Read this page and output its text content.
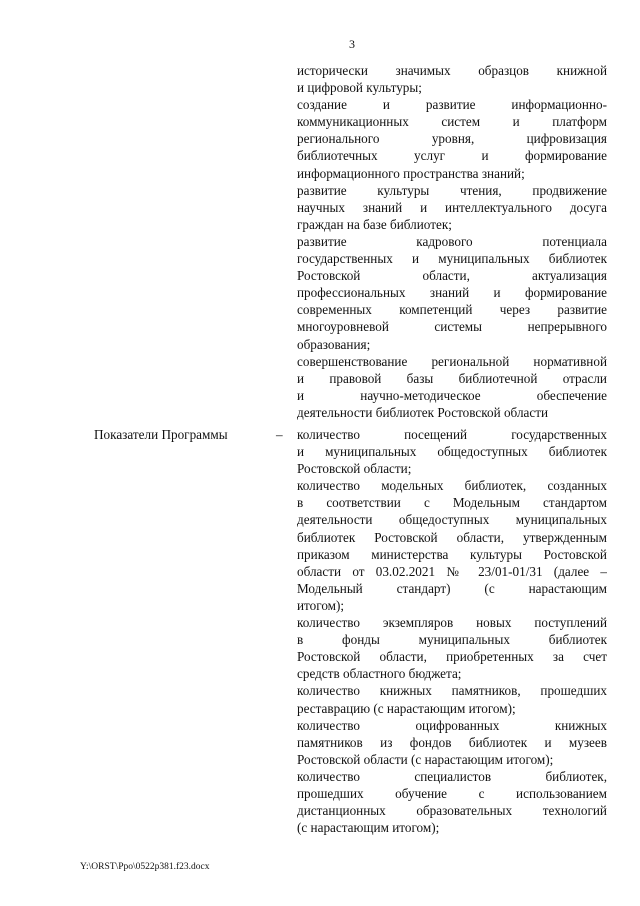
3
исторически значимых образцов книжной
и цифровой культуры;
создание и развитие информационно-
коммуникационных систем и платформ
регионального уровня, цифровизация
библиотечных услуг и формирование
информационного пространства знаний;
развитие культуры чтения, продвижение
научных знаний и интеллектуального досуга
граждан на базе библиотек;
развитие кадрового потенциала
государственных и муниципальных библиотек
Ростовской области, актуализация
профессиональных знаний и формирование
современных компетенций через развитие
многоуровневой системы непрерывного
образования;
совершенствование региональной нормативной
и правовой базы библиотечной отрасли
и научно-методическое обеспечение
деятельности библиотек Ростовской области
Показатели Программы	– количество посещений государственных
и муниципальных общедоступных библиотек
Ростовской области;
количество модельных библиотек, созданных
в соответствии с Модельным стандартом
деятельности общедоступных муниципальных
библиотек Ростовской области, утвержденным
приказом министерства культуры Ростовской
области от 03.02.2021 № 23/01-01/31 (далее –
Модельный стандарт) (с нарастающим
итогом);
количество экземпляров новых поступлений
в фонды муниципальных библиотек
Ростовской области, приобретенных за счет
средств областного бюджета;
количество книжных памятников, прошедших
реставрацию (с нарастающим итогом);
количество оцифрованных книжных
памятников из фондов библиотек и музеев
Ростовской области (с нарастающим итогом);
количество специалистов библиотек,
прошедших обучение с использованием
дистанционных образовательных технологий
(с нарастающим итогом);
Y:\ORST\Ppo\0522p381.f23.docx
